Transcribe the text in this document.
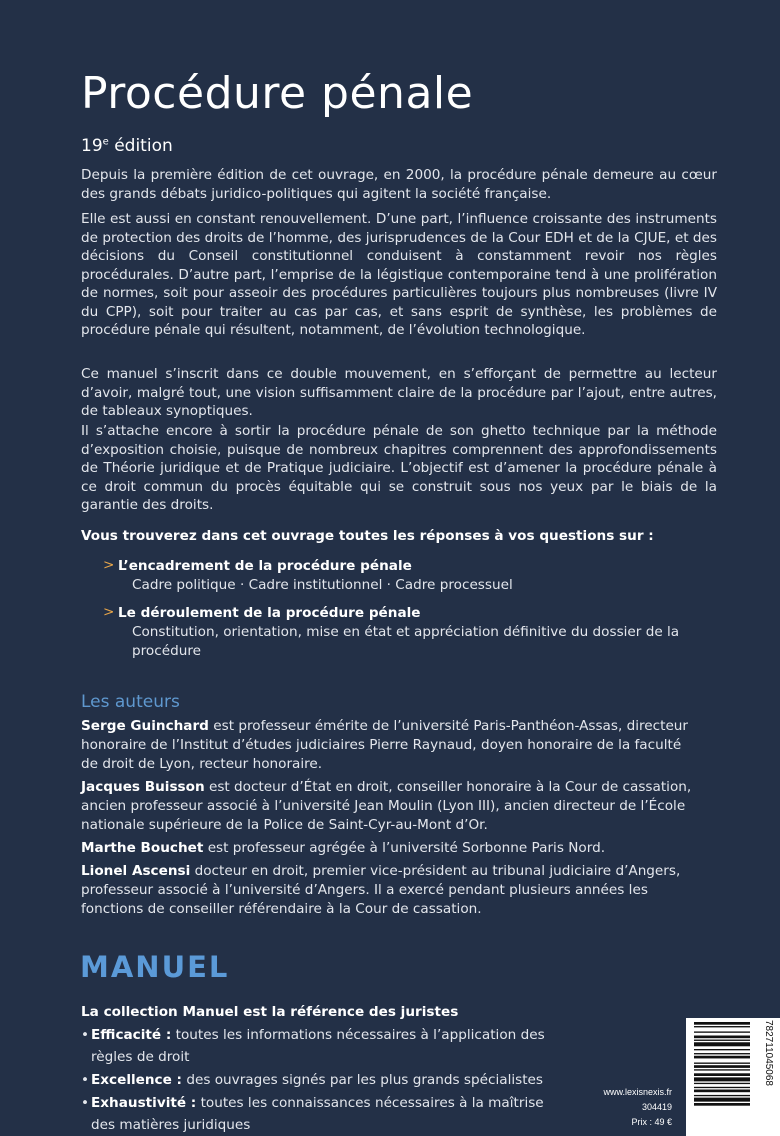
Procédure pénale
19e édition

Depuis la première édition de cet ouvrage, en 2000, la procédure pénale demeure au cœur des grands débats juridico-politiques qui agitent la société française.

Elle est aussi en constant renouvellement. D’une part, l’influence croissante des instruments de protection des droits de l’homme, des jurisprudences de la Cour EDH et de la CJUE, et des décisions du Conseil constitutionnel conduisent à constamment revoir nos règles procédurales. D’autre part, l’emprise de la légistique contemporaine tend à une prolifération de normes, soit pour asseoir des procédures particulières toujours plus nombreuses (livre IV du CPP), soit pour traiter au cas par cas, et sans esprit de synthèse, les problèmes de procédure pénale qui résultent, notamment, de l’évolution technologique.

Ce manuel s’inscrit dans ce double mouvement, en s’efforçant de permettre au lecteur d’avoir, malgré tout, une vision suffisamment claire de la procédure par l’ajout, entre autres, de tableaux synoptiques.

Il s’attache encore à sortir la procédure pénale de son ghetto technique par la méthode d’exposition choisie, puisque de nombreux chapitres comprennent des approfondissements de Théorie juridique et de Pratique judiciaire. L’objectif est d’amener la procédure pénale à ce droit commun du procès équitable qui se construit sous nos yeux par le biais de la garantie des droits.

Vous trouverez dans cet ouvrage toutes les réponses à vos questions sur :
> L’encadrement de la procédure pénale
Cadre politique · Cadre institutionnel · Cadre processuel
> Le déroulement de la procédure pénale
Constitution, orientation, mise en état et appréciation définitive du dossier de la procédure
Les auteurs

Serge Guinchard est professeur émérite de l’université Paris-Panthéon-Assas, directeur honoraire de l’Institut d’études judiciaires Pierre Raynaud, doyen honoraire de la faculté de droit de Lyon, recteur honoraire.

Jacques Buisson est docteur d’État en droit, conseiller honoraire à la Cour de cassation, ancien professeur associé à l’université Jean Moulin (Lyon III), ancien directeur de l’École nationale supérieure de la Police de Saint-Cyr-au-Mont d’Or.

Marthe Bouchet est professeur agrégée à l’université Sorbonne Paris Nord.

Lionel Ascensi docteur en droit, premier vice-président au tribunal judiciaire d’Angers, professeur associé à l’université d’Angers. Il a exercé pendant plusieurs années les fonctions de conseiller référendaire à la Cour de cassation.

MANUEL
La collection Manuel est la référence des juristes
• Efficacité : toutes les informations nécessaires à l’application des règles de droit
• Excellence : des ouvrages signés par les plus grands spécialistes
• Exhaustivité : toutes les connaissances nécessaires à la maîtrise des matières juridiques
www.lexisnexis.fr
304419
Prix : 49 €
782711045068
